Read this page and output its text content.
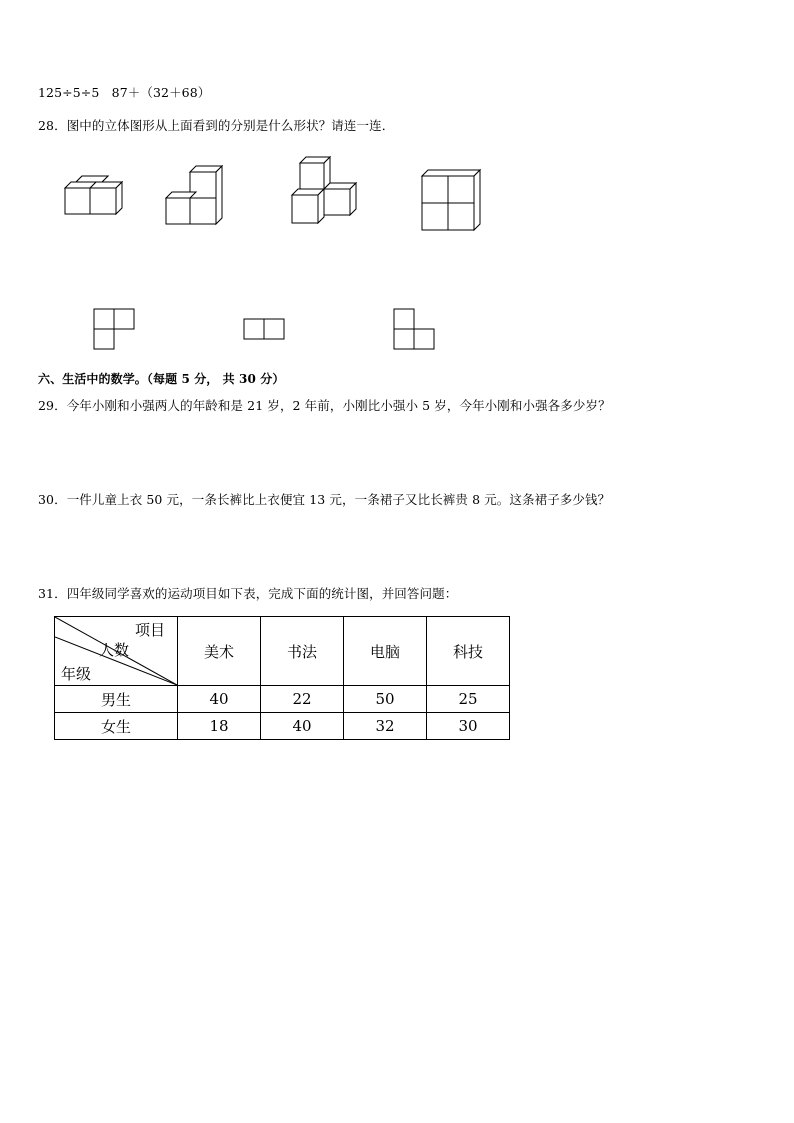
125÷5÷5 87＋（32＋68）
28．图中的立体图形从上面看到的分别是什么形状？请连一连．
六、生活中的数学。（每题 5 分， 共 30 分）
29．今年小刚和小强两人的年龄和是 21 岁，2 年前，小刚比小强小 5 岁，今年小刚和小强各多少岁？
30．一件儿童上衣 50 元，一条长裤比上衣便宜 13 元，一条裙子又比长裤贵 8 元。这条裙子多少钱？
31．四年级同学喜欢的运动项目如下表，完成下面的统计图，并回答问题：
项目
人数
年级	美术	书法	电脑	科技
男生	40	22	50	25
女生	18	40	32	30
